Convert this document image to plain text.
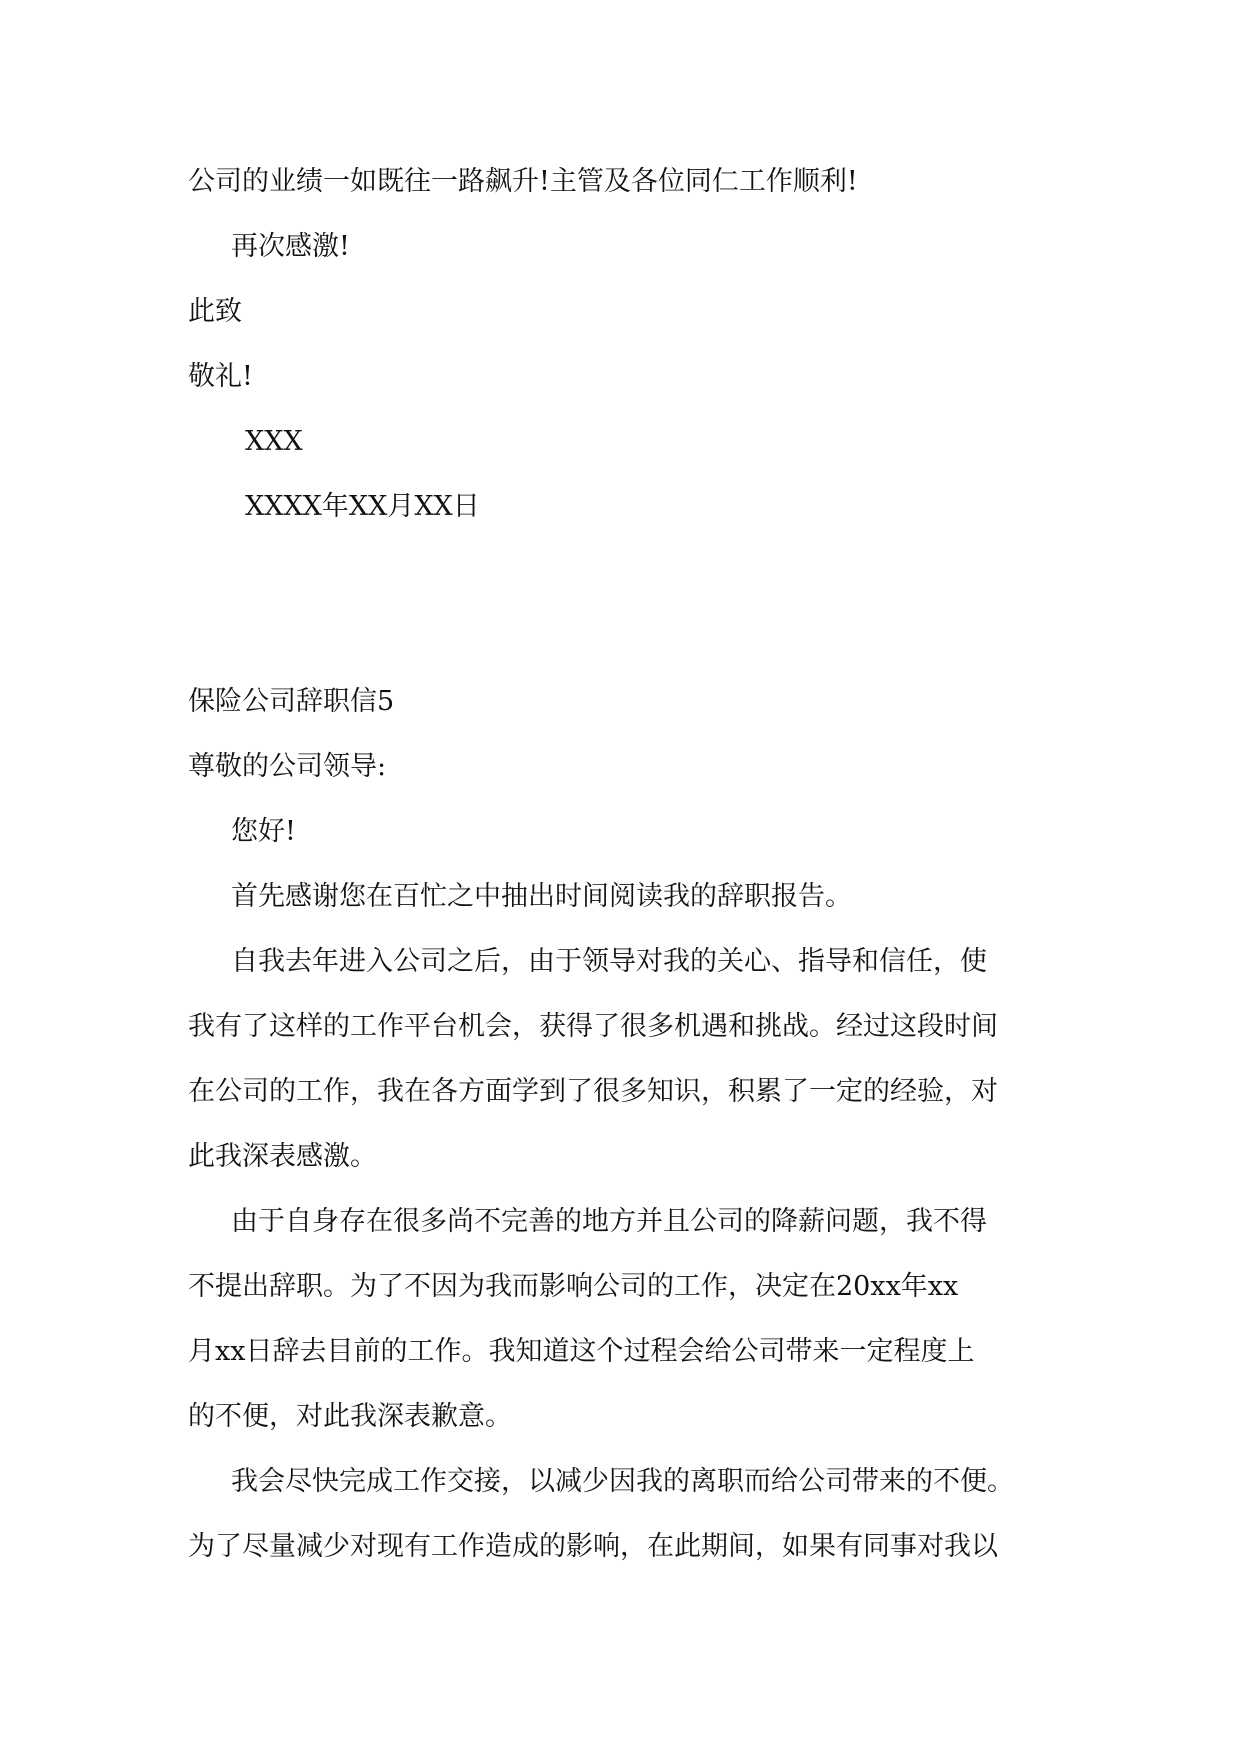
公司的业绩一如既往一路飙升!主管及各位同仁工作顺利!
再次感激!
此致
敬礼!
XXX
XXXX年XX月XX日
保险公司辞职信5
尊敬的公司领导:
您好!
首先感谢您在百忙之中抽出时间阅读我的辞职报告。
自我去年进入公司之后，由于领导对我的关心、指导和信任，使
我有了这样的工作平台机会，获得了很多机遇和挑战。经过这段时间
在公司的工作，我在各方面学到了很多知识，积累了一定的经验，对
此我深表感激。
由于自身存在很多尚不完善的地方并且公司的降薪问题，我不得
不提出辞职。为了不因为我而影响公司的工作，决定在20xx年xx
月xx日辞去目前的工作。我知道这个过程会给公司带来一定程度上
的不便，对此我深表歉意。
我会尽快完成工作交接，以减少因我的离职而给公司带来的不便。
为了尽量减少对现有工作造成的影响，在此期间，如果有同事对我以
